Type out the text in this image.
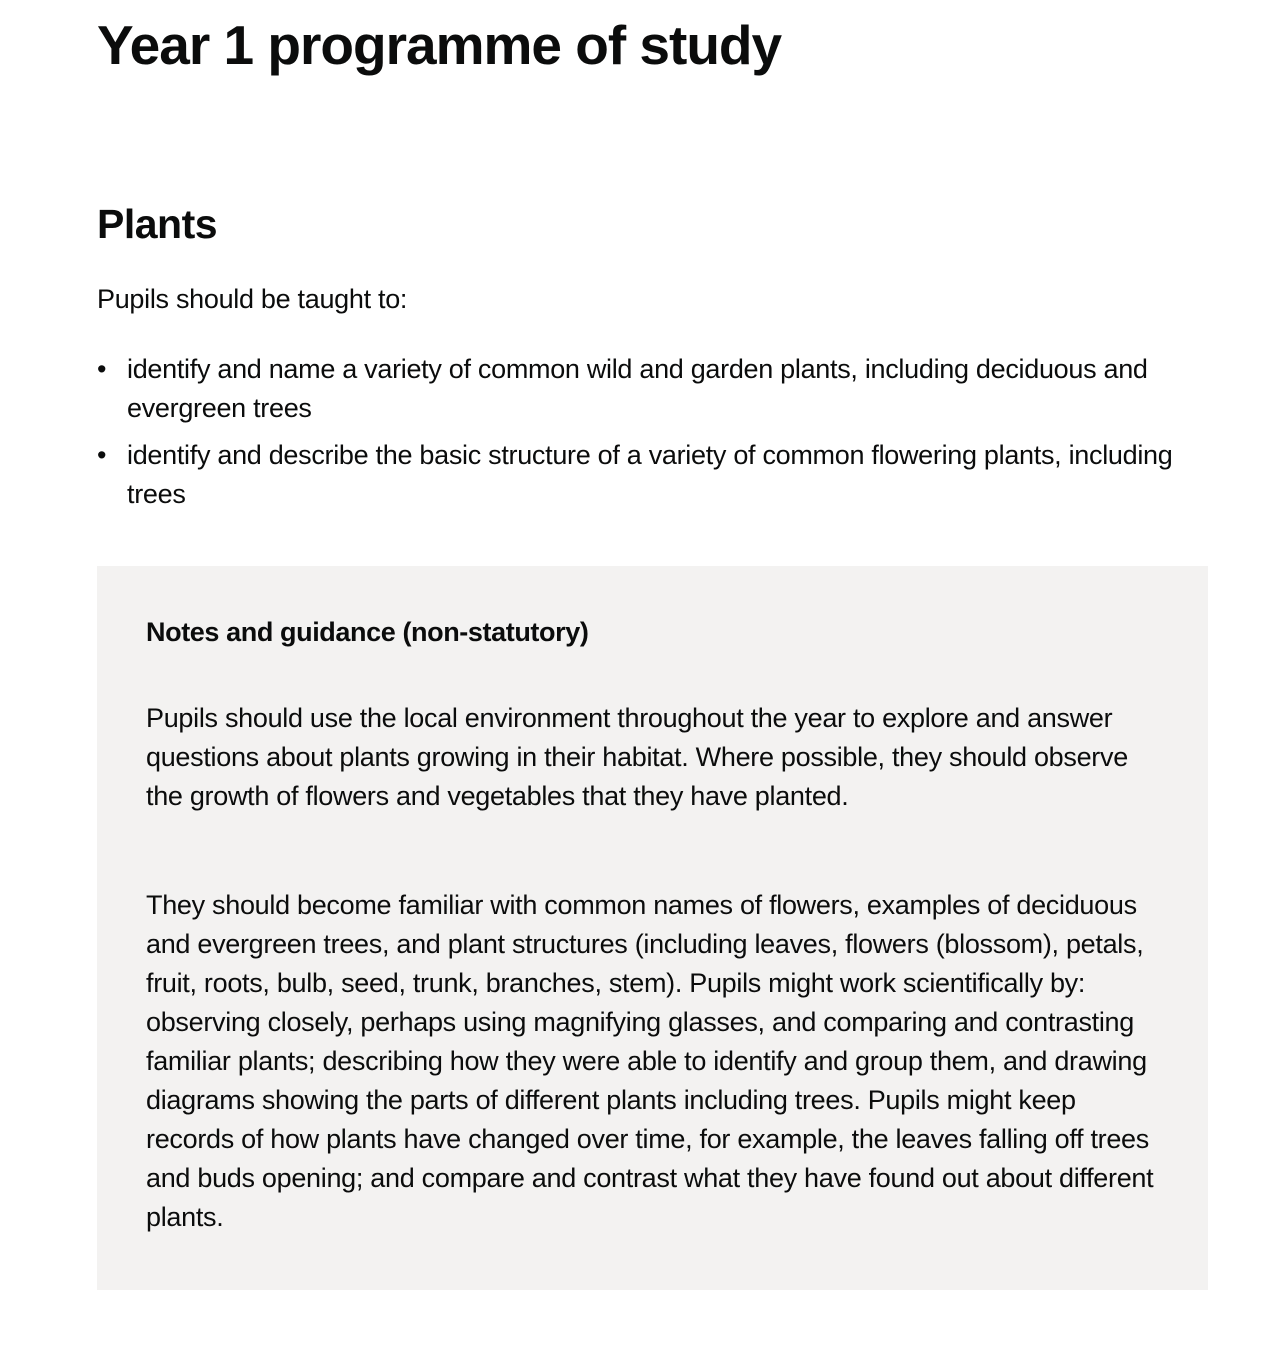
Year 1 programme of study
Plants

Pupils should be taught to:

• identify and name a variety of common wild and garden plants, including deciduous and evergreen trees
• identify and describe the basic structure of a variety of common flowering plants, including trees
Notes and guidance (non-statutory)

Pupils should use the local environment throughout the year to explore and answer questions about plants growing in their habitat. Where possible, they should observe the growth of flowers and vegetables that they have planted.

They should become familiar with common names of flowers, examples of deciduous and evergreen trees, and plant structures (including leaves, flowers (blossom), petals, fruit, roots, bulb, seed, trunk, branches, stem). Pupils might work scientifically by: observing closely, perhaps using magnifying glasses, and comparing and contrasting familiar plants; describing how they were able to identify and group them, and drawing diagrams showing the parts of different plants including trees. Pupils might keep records of how plants have changed over time, for example, the leaves falling off trees and buds opening; and compare and contrast what they have found out about different plants.
